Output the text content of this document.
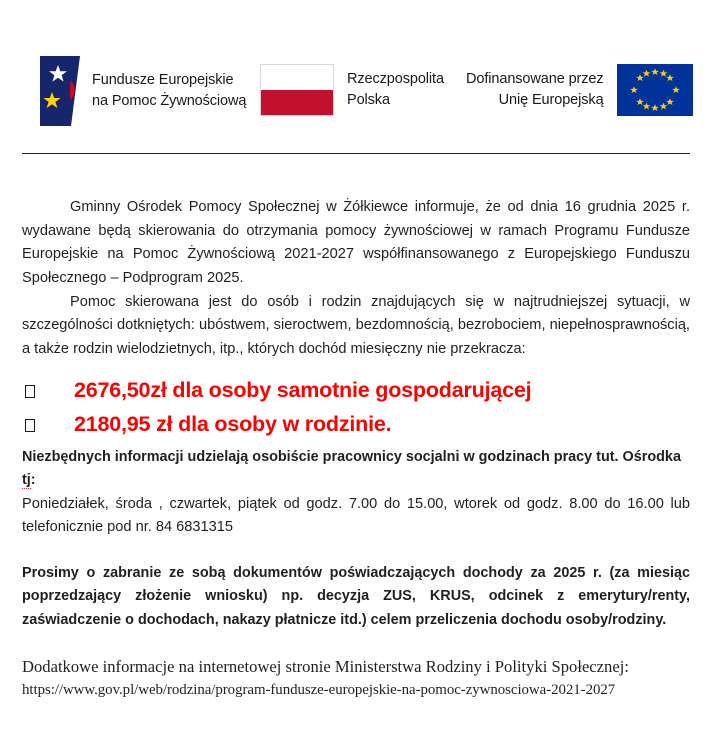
Fundusze Europejskie
na Pomoc Żywnościową
Rzeczpospolita
Polska
Dofinansowane przez
Unię Europejską

Gminny Ośrodek Pomocy Społecznej w Żółkiewce informuje, że od dnia 16 grudnia 2025 r. wydawane będą skierowania do otrzymania pomocy żywnościowej w ramach Programu Fundusze Europejskie na Pomoc Żywnościową 2021-2027 współfinansowanego z Europejskiego Funduszu Społecznego – Podprogram 2025.

Pomoc skierowana jest do osób i rodzin znajdujących się w najtrudniejszej sytuacji, w szczególności dotkniętych: ubóstwem, sieroctwem, bezdomnością, bezrobociem, niepełnosprawnością, a także rodzin wielodzietnych, itp., których dochód miesięczny nie przekracza:

2676,50zł dla osoby samotnie gospodarującej
2180,95 zł dla osoby w rodzinie.

Niezbędnych informacji udzielają osobiście pracownicy socjalni w godzinach pracy tut. Ośrodka tj:

Poniedziałek, środa , czwartek, piątek od godz. 7.00 do 15.00, wtorek od godz. 8.00 do 16.00 lub telefonicznie pod nr. 84 6831315

Prosimy o zabranie ze sobą dokumentów poświadczających dochody za 2025 r. (za miesiąc poprzedzający złożenie wniosku) np. decyzja ZUS, KRUS, odcinek z emerytury/renty, zaświadczenie o dochodach, nakazy płatnicze itd.) celem przeliczenia dochodu osoby/rodziny.

Dodatkowe informacje na internetowej stronie Ministerstwa Rodziny i Polityki Społecznej:

https://www.gov.pl/web/rodzina/program-fundusze-europejskie-na-pomoc-zywnosciowa-2021-2027
